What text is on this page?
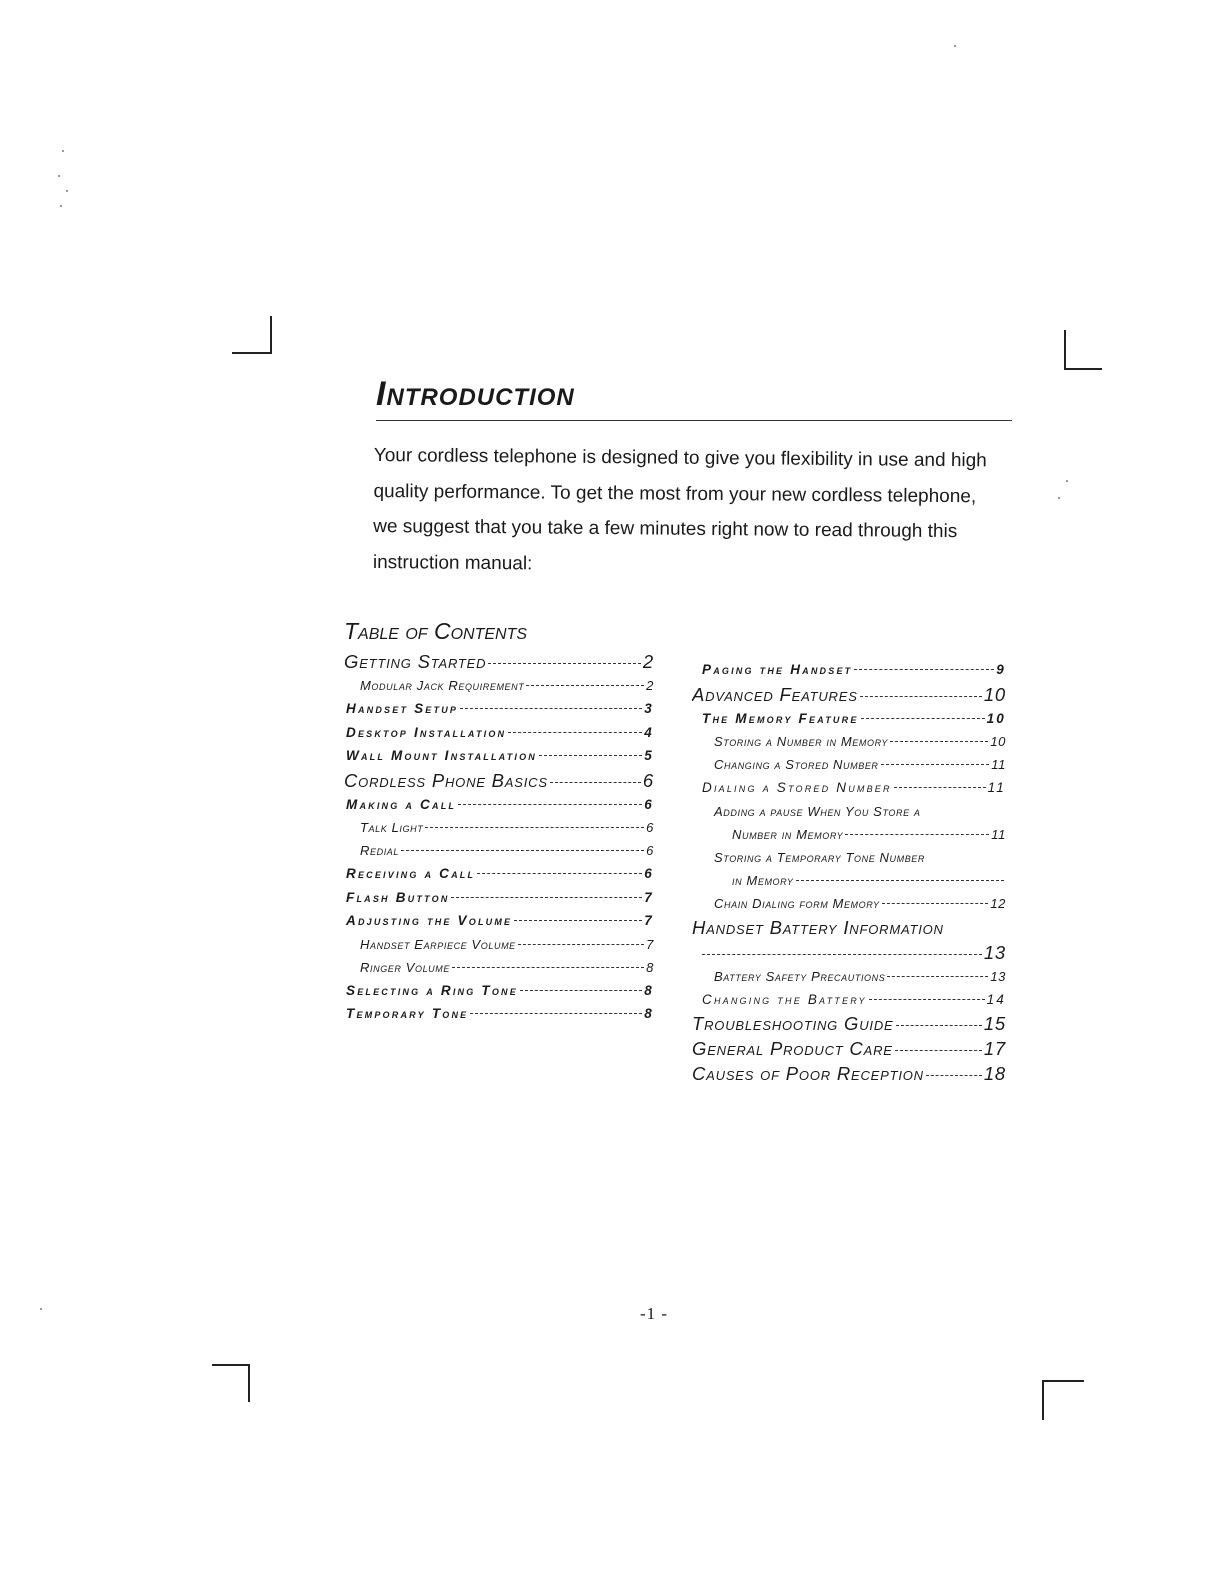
Introduction

Your cordless telephone is designed to give you flexibility in use and high quality performance. To get the most from your new cordless telephone, we suggest that you take a few minutes right now to read through this instruction manual:

Table of Contents
Getting Started	2
Modular Jack Requirement	2
Handset Setup	3
Desktop Installation	4
Wall Mount Installation	5
Cordless Phone Basics	6
Making a Call	6
Talk Light	6
Redial	6
Receiving a Call	6
Flash Button	7
Adjusting the Volume	7
Handset Earpiece Volume	7
Ringer Volume	8
Selecting a Ring Tone	8
Temporary Tone	8
Paging the Handset	9
Advanced Features	10
The Memory Feature	10
Storing a Number in Memory	10
Changing a Stored Number	11
Dialing a Stored Number	11
Adding a pause When You Store a
Number in Memory	11
Storing a Temporary Tone Number
in Memory
Chain Dialing form Memory	12
Handset Battery Information
13
Battery Safety Precautions	13
Changing the Battery	14
Troubleshooting Guide	15
General Product Care	17
Causes of Poor Reception	18
-1 -
